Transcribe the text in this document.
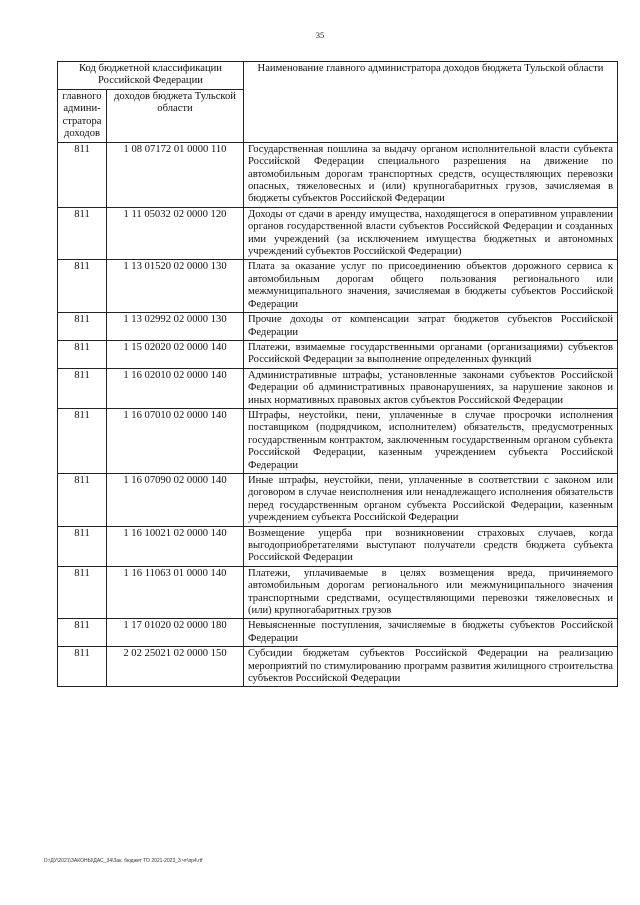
35
Код бюджетной классификации Российской Федерации		Наименование главного администратора доходов бюджета Тульской области
главного админи-стратора доходов	доходов бюджета Тульской области	
811	1 08 07172 01 0000 110	Государственная пошлина за выдачу органом исполнительной власти субъекта Российской Федерации специального разрешения на движение по автомобильным дорогам транспортных средств, осуществляющих перевозки опасных, тяжеловесных и (или) крупногабаритных грузов, зачисляемая в бюджеты субъектов Российской Федерации
811	1 11 05032 02 0000 120	Доходы от сдачи в аренду имущества, находящегося в оперативном управлении органов государственной власти субъектов Российской Федерации и созданных ими учреждений (за исключением имущества бюджетных и автономных учреждений субъектов Российской Федерации)
811	1 13 01520 02 0000 130	Плата за оказание услуг по присоединению объектов дорожного сервиса к автомобильным дорогам общего пользования регионального или межмуниципального значения, зачисляемая в бюджеты субъектов Российской Федерации
811	1 13 02992 02 0000 130	Прочие доходы от компенсации затрат бюджетов субъектов Российской Федерации
811	1 15 02020 02 0000 140	Платежи, взимаемые государственными органами (организациями) субъектов Российской Федерации за выполнение определенных функций
811	1 16 02010 02 0000 140	Административные штрафы, установленные законами субъектов Российской Федерации об административных правонарушениях, за нарушение законов и иных нормативных правовых актов субъектов Российской Федерации
811	1 16 07010 02 0000 140	Штрафы, неустойки, пени, уплаченные в случае просрочки исполнения поставщиком (подрядчиком, исполнителем) обязательств, предусмотренных государственным контрактом, заключенным государственным органом субъекта Российской Федерации, казенным учреждением субъекта Российской Федерации
811	1 16 07090 02 0000 140	Иные штрафы, неустойки, пени, уплаченные в соответствии с законом или договором в случае неисполнения или ненадлежащего исполнения обязательств перед государственным органом субъекта Российской Федерации, казенным учреждением субъекта Российской Федерации
811	1 16 10021 02 0000 140	Возмещение ущерба при возникновении страховых случаев, когда выгодоприобретателями выступают получатели средств бюджета субъекта Российской Федерации
811	1 16 11063 01 0000 140	Платежи, уплачиваемые в целях возмещения вреда, причиняемого автомобильным дорогам регионального или межмуниципального значения транспортными средствами, осуществляющими перевозки тяжеловесных и (или) крупногабаритных грузов
811	1 17 01020 02 0000 180	Невыясненные поступления, зачисляемые в бюджеты субъектов Российской Федерации
811	2 02 25021 02 0000 150	Субсидии бюджетам субъектов Российской Федерации на реализацию мероприятий по стимулированию программ развития жилищного строительства субъектов Российской Федерации
D:\ДУ\2021\ЗАКОНЫ\ДАС_34\Зак. бюджет ТО 2021-2023_3 чт\пр4.rtf
